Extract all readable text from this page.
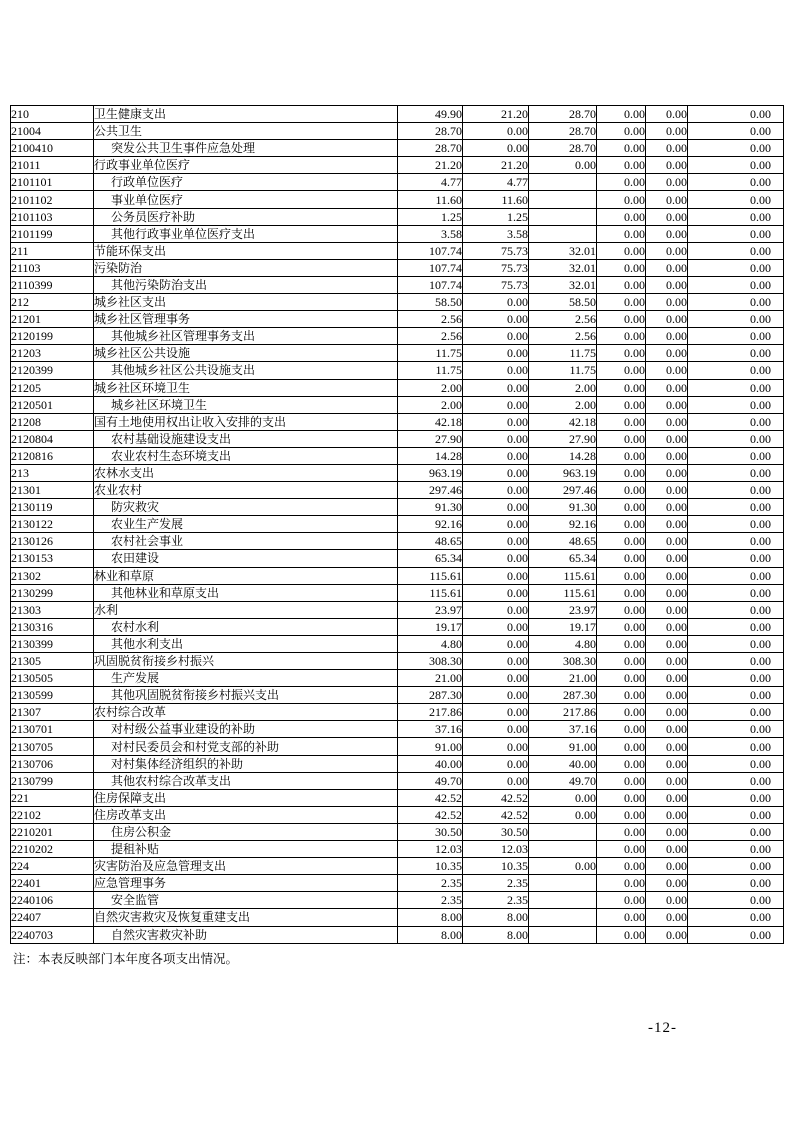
210	卫生健康支出	49.90	21.20	28.70	0.00	0.00	0.00
21004	公共卫生	28.70	0.00	28.70	0.00	0.00	0.00
2100410	突发公共卫生事件应急处理	28.70	0.00	28.70	0.00	0.00	0.00
21011	行政事业单位医疗	21.20	21.20	0.00	0.00	0.00	0.00
2101101	行政单位医疗	4.77	4.77		0.00	0.00	0.00
2101102	事业单位医疗	11.60	11.60		0.00	0.00	0.00
2101103	公务员医疗补助	1.25	1.25		0.00	0.00	0.00
2101199	其他行政事业单位医疗支出	3.58	3.58		0.00	0.00	0.00
211	节能环保支出	107.74	75.73	32.01	0.00	0.00	0.00
21103	污染防治	107.74	75.73	32.01	0.00	0.00	0.00
2110399	其他污染防治支出	107.74	75.73	32.01	0.00	0.00	0.00
212	城乡社区支出	58.50	0.00	58.50	0.00	0.00	0.00
21201	城乡社区管理事务	2.56	0.00	2.56	0.00	0.00	0.00
2120199	其他城乡社区管理事务支出	2.56	0.00	2.56	0.00	0.00	0.00
21203	城乡社区公共设施	11.75	0.00	11.75	0.00	0.00	0.00
2120399	其他城乡社区公共设施支出	11.75	0.00	11.75	0.00	0.00	0.00
21205	城乡社区环境卫生	2.00	0.00	2.00	0.00	0.00	0.00
2120501	城乡社区环境卫生	2.00	0.00	2.00	0.00	0.00	0.00
21208	国有土地使用权出让收入安排的支出	42.18	0.00	42.18	0.00	0.00	0.00
2120804	农村基础设施建设支出	27.90	0.00	27.90	0.00	0.00	0.00
2120816	农业农村生态环境支出	14.28	0.00	14.28	0.00	0.00	0.00
213	农林水支出	963.19	0.00	963.19	0.00	0.00	0.00
21301	农业农村	297.46	0.00	297.46	0.00	0.00	0.00
2130119	防灾救灾	91.30	0.00	91.30	0.00	0.00	0.00
2130122	农业生产发展	92.16	0.00	92.16	0.00	0.00	0.00
2130126	农村社会事业	48.65	0.00	48.65	0.00	0.00	0.00
2130153	农田建设	65.34	0.00	65.34	0.00	0.00	0.00
21302	林业和草原	115.61	0.00	115.61	0.00	0.00	0.00
2130299	其他林业和草原支出	115.61	0.00	115.61	0.00	0.00	0.00
21303	水利	23.97	0.00	23.97	0.00	0.00	0.00
2130316	农村水利	19.17	0.00	19.17	0.00	0.00	0.00
2130399	其他水利支出	4.80	0.00	4.80	0.00	0.00	0.00
21305	巩固脱贫衔接乡村振兴	308.30	0.00	308.30	0.00	0.00	0.00
2130505	生产发展	21.00	0.00	21.00	0.00	0.00	0.00
2130599	其他巩固脱贫衔接乡村振兴支出	287.30	0.00	287.30	0.00	0.00	0.00
21307	农村综合改革	217.86	0.00	217.86	0.00	0.00	0.00
2130701	对村级公益事业建设的补助	37.16	0.00	37.16	0.00	0.00	0.00
2130705	对村民委员会和村党支部的补助	91.00	0.00	91.00	0.00	0.00	0.00
2130706	对村集体经济组织的补助	40.00	0.00	40.00	0.00	0.00	0.00
2130799	其他农村综合改革支出	49.70	0.00	49.70	0.00	0.00	0.00
221	住房保障支出	42.52	42.52	0.00	0.00	0.00	0.00
22102	住房改革支出	42.52	42.52	0.00	0.00	0.00	0.00
2210201	住房公积金	30.50	30.50		0.00	0.00	0.00
2210202	提租补贴	12.03	12.03		0.00	0.00	0.00
224	灾害防治及应急管理支出	10.35	10.35	0.00	0.00	0.00	0.00
22401	应急管理事务	2.35	2.35		0.00	0.00	0.00
2240106	安全监管	2.35	2.35		0.00	0.00	0.00
22407	自然灾害救灾及恢复重建支出	8.00	8.00		0.00	0.00	0.00
2240703	自然灾害救灾补助	8.00	8.00		0.00	0.00	0.00
注：本表反映部门本年度各项支出情况。
-12-
